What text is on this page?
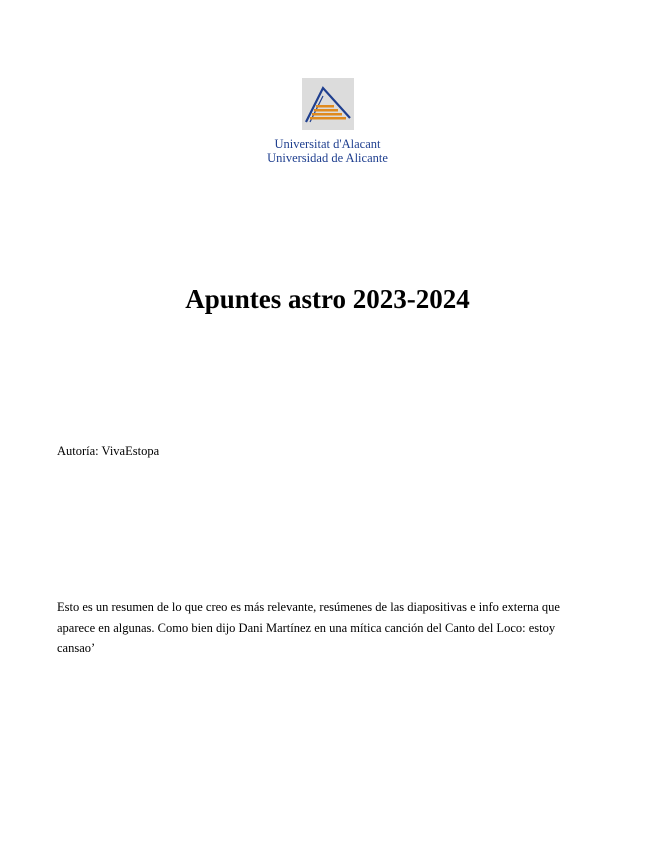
Universitat d'Alacant
Universidad de Alicante
Apuntes astro 2023-2024
Autoría: VivaEstopa
Esto es un resumen de lo que creo es más relevante, resúmenes de las diapositivas e info externa que
aparece en algunas. Como bien dijo Dani Martínez en una mítica canción del Canto del Loco: estoy
cansao’
